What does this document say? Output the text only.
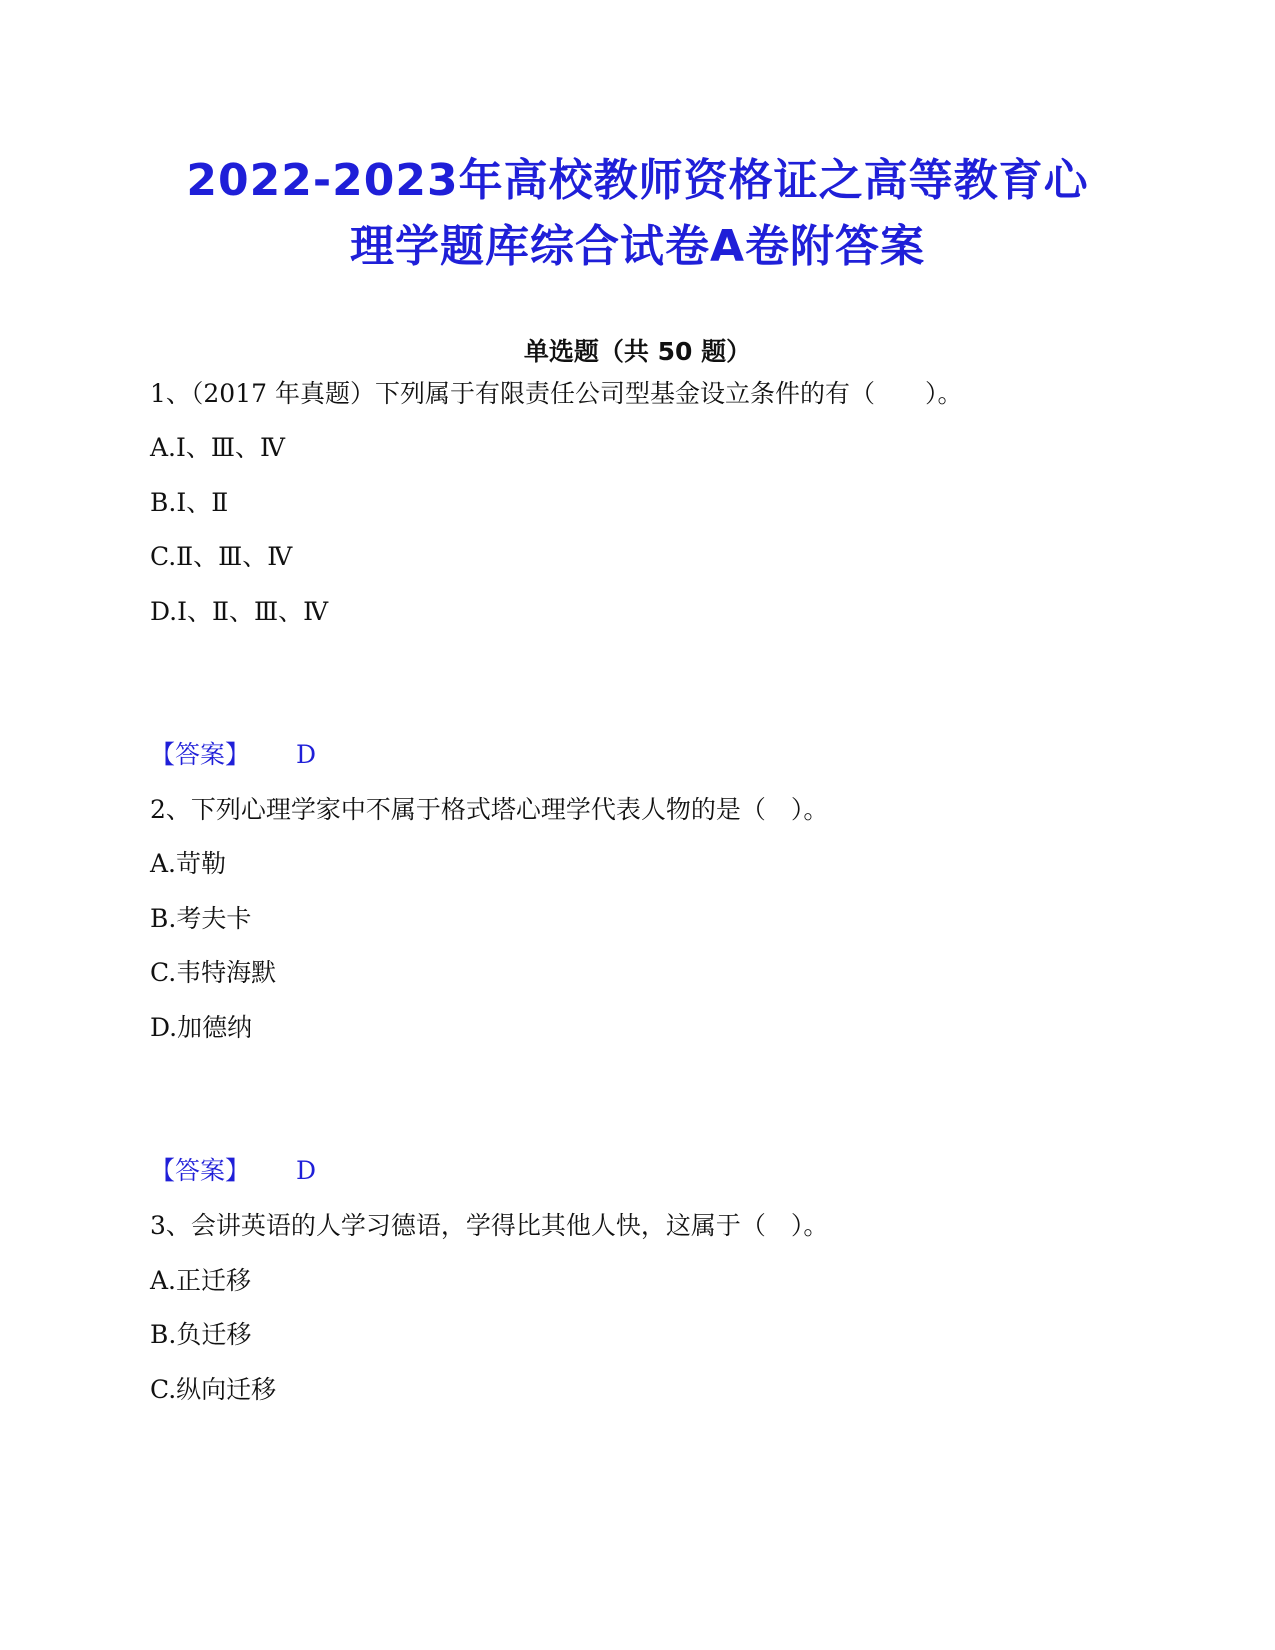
2022-2023年高校教师资格证之高等教育心
理学题库综合试卷A卷附答案
单选题（共 50 题）
1、（2017 年真题）下列属于有限责任公司型基金设立条件的有（　　）。
A.Ⅰ、Ⅲ、Ⅳ
B.Ⅰ、Ⅱ
C.Ⅱ、Ⅲ、Ⅳ
D.Ⅰ、Ⅱ、Ⅲ、Ⅳ
【答案】 D
2、下列心理学家中不属于格式塔心理学代表人物的是（　）。
A.苛勒
B.考夫卡
C.韦特海默
D.加德纳
【答案】 D
3、会讲英语的人学习德语，学得比其他人快，这属于（　）。
A.正迁移
B.负迁移
C.纵向迁移
